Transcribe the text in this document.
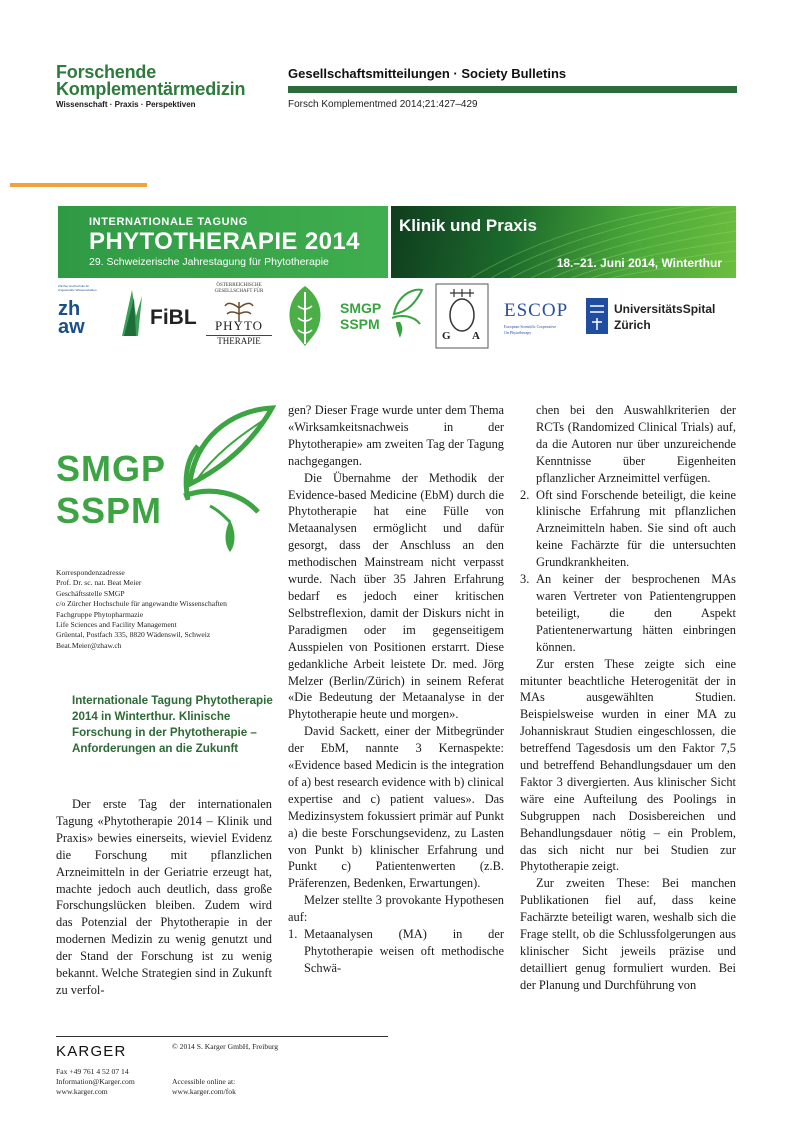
Forschende
Komplementärmedizin
Wissenschaft · Praxis · Perspektiven
Gesellschaftsmitteilungen · Society Bulletins
Forsch Komplementmed 2014;21:427–429
INTERNATIONALE TAGUNG
PHYTOTHERAPIE 2014
29. Schweizerische Jahrestagung für Phytotherapie
Klinik und Praxis
18.–21. Juni 2014, Winterthur
Zürcher Hochschule für Angewandte Wissenschaften
zh
aw	FiBL
ÖSTERREICHISCHE
GESELLSCHAFT FÜR
PHYTO
THERAPIE
SMGP
SSPM
G A
ESCOP
European Scientific Cooperative
On Phytotherapy
UniversitätsSpital
Zürich
SMGP
SSPM
Korrespondenzadresse
Prof. Dr. sc. nat. Beat Meier
Geschäftsstelle SMGP
c/o Zürcher Hochschule für angewandte Wissenschaften
Fachgruppe Phytopharmazie
Life Sciences and Facility Management
Grüental, Postfach 335, 8820 Wädenswil, Schweiz
Beat.Meier@zhaw.ch
Internationale Tagung Phytotherapie 2014 in Winterthur. Klinische Forschung in der Phytotherapie – Anforderungen an die Zukunft

Der erste Tag der internationalen Tagung «Phytotherapie 2014 – Klinik und Praxis» bewies einerseits, wieviel Evidenz die Forschung mit pflanzlichen Arzneimitteln in der Geriatrie erzeugt hat, machte jedoch auch deutlich, dass große Forschungslücken bleiben. Zudem wird das Potenzial der Phytotherapie in der modernen Medizin zu wenig genutzt und der Stand der Forschung ist zu wenig bekannt. Welche Strategien sind in Zukunft zu verfol-

gen? Dieser Frage wurde unter dem Thema «Wirksamkeitsnachweis in der Phytotherapie» am zweiten Tag der Tagung nachgegangen.

Die Übernahme der Methodik der Evidence-based Medicine (EbM) durch die Phytotherapie hat eine Fülle von Metaanalysen ermöglicht und dafür gesorgt, dass der Anschluss an den methodischen Mainstream nicht verpasst wurde. Nach über 35 Jahren Erfahrung bedarf es jedoch einer kritischen Selbstreflexion, damit der Diskurs nicht in Paradigmen oder im gegenseitigem Ausspielen von Positionen erstarrt. Diese gedankliche Arbeit leistete Dr. med. Jörg Melzer (Berlin/Zürich) in seinem Referat «Die Bedeutung der Metaanalyse in der Phytotherapie heute und morgen».

David Sackett, einer der Mitbegründer der EbM, nannte 3 Kernaspekte: «Evidence based Medicin is the integration of a) best research evidence with b) clinical expertise and c) patient values». Das Medizinsystem fokussiert primär auf Punkt a) die beste Forschungsevidenz, zu Lasten von Punkt b) klinischer Erfahrung und Punkt c) Patientenwerten (z.B. Präferenzen, Bedenken, Erwartungen).

Melzer stellte 3 provokante Hypothesen auf:

1. Metaanalysen (MA) in der Phytotherapie weisen oft methodische Schwä-
chen bei den Auswahlkriterien der RCTs (Randomized Clinical Trials) auf, da die Autoren nur über unzureichende Kenntnisse über Eigenheiten pflanzlicher Arzneimittel verfügen.
2. Oft sind Forschende beteiligt, die keine klinische Erfahrung mit pflanzlichen Arzneimitteln haben. Sie sind oft auch keine Fachärzte für die untersuchten Grundkrankheiten.
3. An keiner der besprochenen MAs waren Vertreter von Patientengruppen beteiligt, die den Aspekt Patientenerwartung hätten einbringen können.

Zur ersten These zeigte sich eine mitunter beachtliche Heterogenität der in MAs ausgewählten Studien. Beispielsweise wurden in einer MA zu Johanniskraut Studien eingeschlossen, die betreffend Tagesdosis um den Faktor 7,5 und betreffend Behandlungsdauer um den Faktor 3 divergierten. Aus klinischer Sicht wäre eine Aufteilung des Poolings in Subgruppen nach Dosisbereichen und Behandlungsdauer nötig – ein Problem, das sich nicht nur bei Studien zur Phytotherapie zeigt.

Zur zweiten These: Bei manchen Publikationen fiel auf, dass keine Fachärzte beteiligt waren, weshalb sich die Frage stellt, ob die Schlussfolgerungen aus klinischer Sicht jeweils präzise und detailliert genug formuliert wurden. Bei der Planung und Durchführung von

KARGER	© 2014 S. Karger GmbH, Freiburg
Fax +49 761 4 52 07 14
Information@Karger.com
www.karger.com
Accessible online at:
www.karger.com/fok
